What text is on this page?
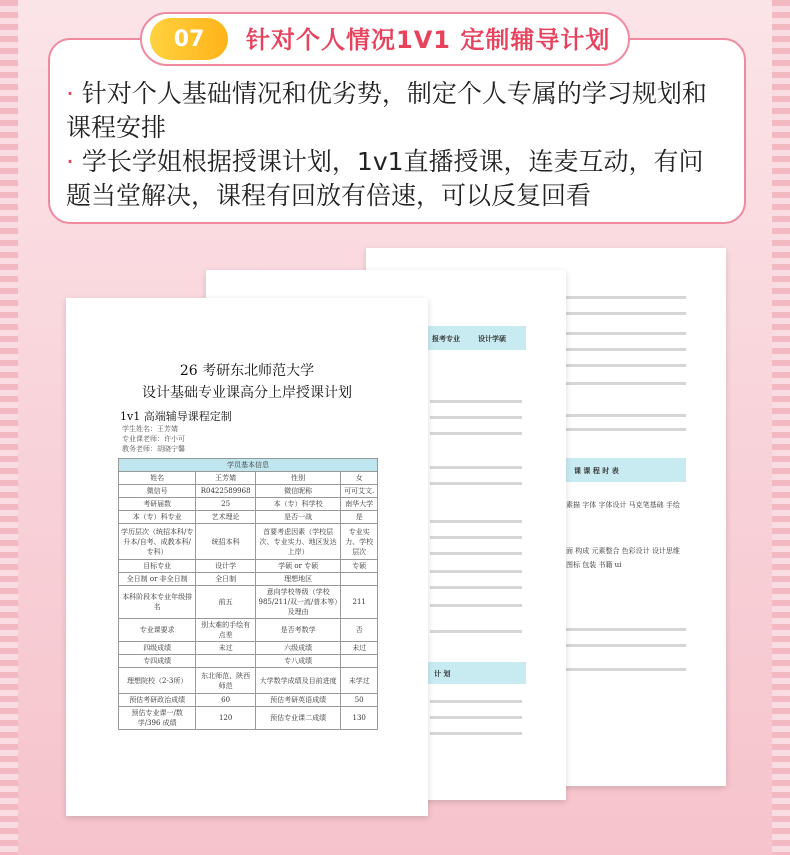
07	针对个人情况1V1 定制辅导计划
· 针对个人基础情况和优劣势，制定个人专属的学习规划和
课程安排
· 学长学姐根据授课计划，1v1直播授课，连麦互动，有问
题当堂解决，课程有回放有倍速，可以反复回看
课 课 程 时 表
素描 字体 字体设计 马克笔基础 手绘
面 构成 元素整合 色彩设计 设计思维
图标 包装 书籍 ui
报考专业	设计学硕
计 划
26 考研东北师范大学
设计基础专业课高分上岸授课计划
1v1 高端辅导课程定制
学生姓名：王芳婧
专业课老师：许小可
教务老师：胡晓宁馨
学员基本信息			
姓名	王芳婧	性别	女
微信号	R0422589968	微信昵称	可可艾文.
考研届数	25	本（专）科学校	南华大学
本（专）科专业	艺术理论	是否一战	是
学历层次（统招本科/专升本/自考、成教本科/专科）	统招本科	首要考虑因素（学校层次、专业实力、地区发达上岸）	专业实力、学校层次
目标专业	设计学	学硕 or 专硕	专硕
全日制 or 非全日制	全日制	理想地区	
本科阶段本专业年级排名	前五	意向学校等级（学校985/211/双一流/普本等）及理由	211
专业课要求	别太难的手绘有点差	是否考数学	否
四级成绩	未过	六级成绩	未过
专四成绩		专八成绩	
理想院校（2-3所）	东北师范、陕西师范	大学数学成绩及目前进度	未学过
预估考研政治成绩	60	预估考研英语成绩	50
预估专业课一/数学/396 成绩	120	预估专业课二成绩	130
